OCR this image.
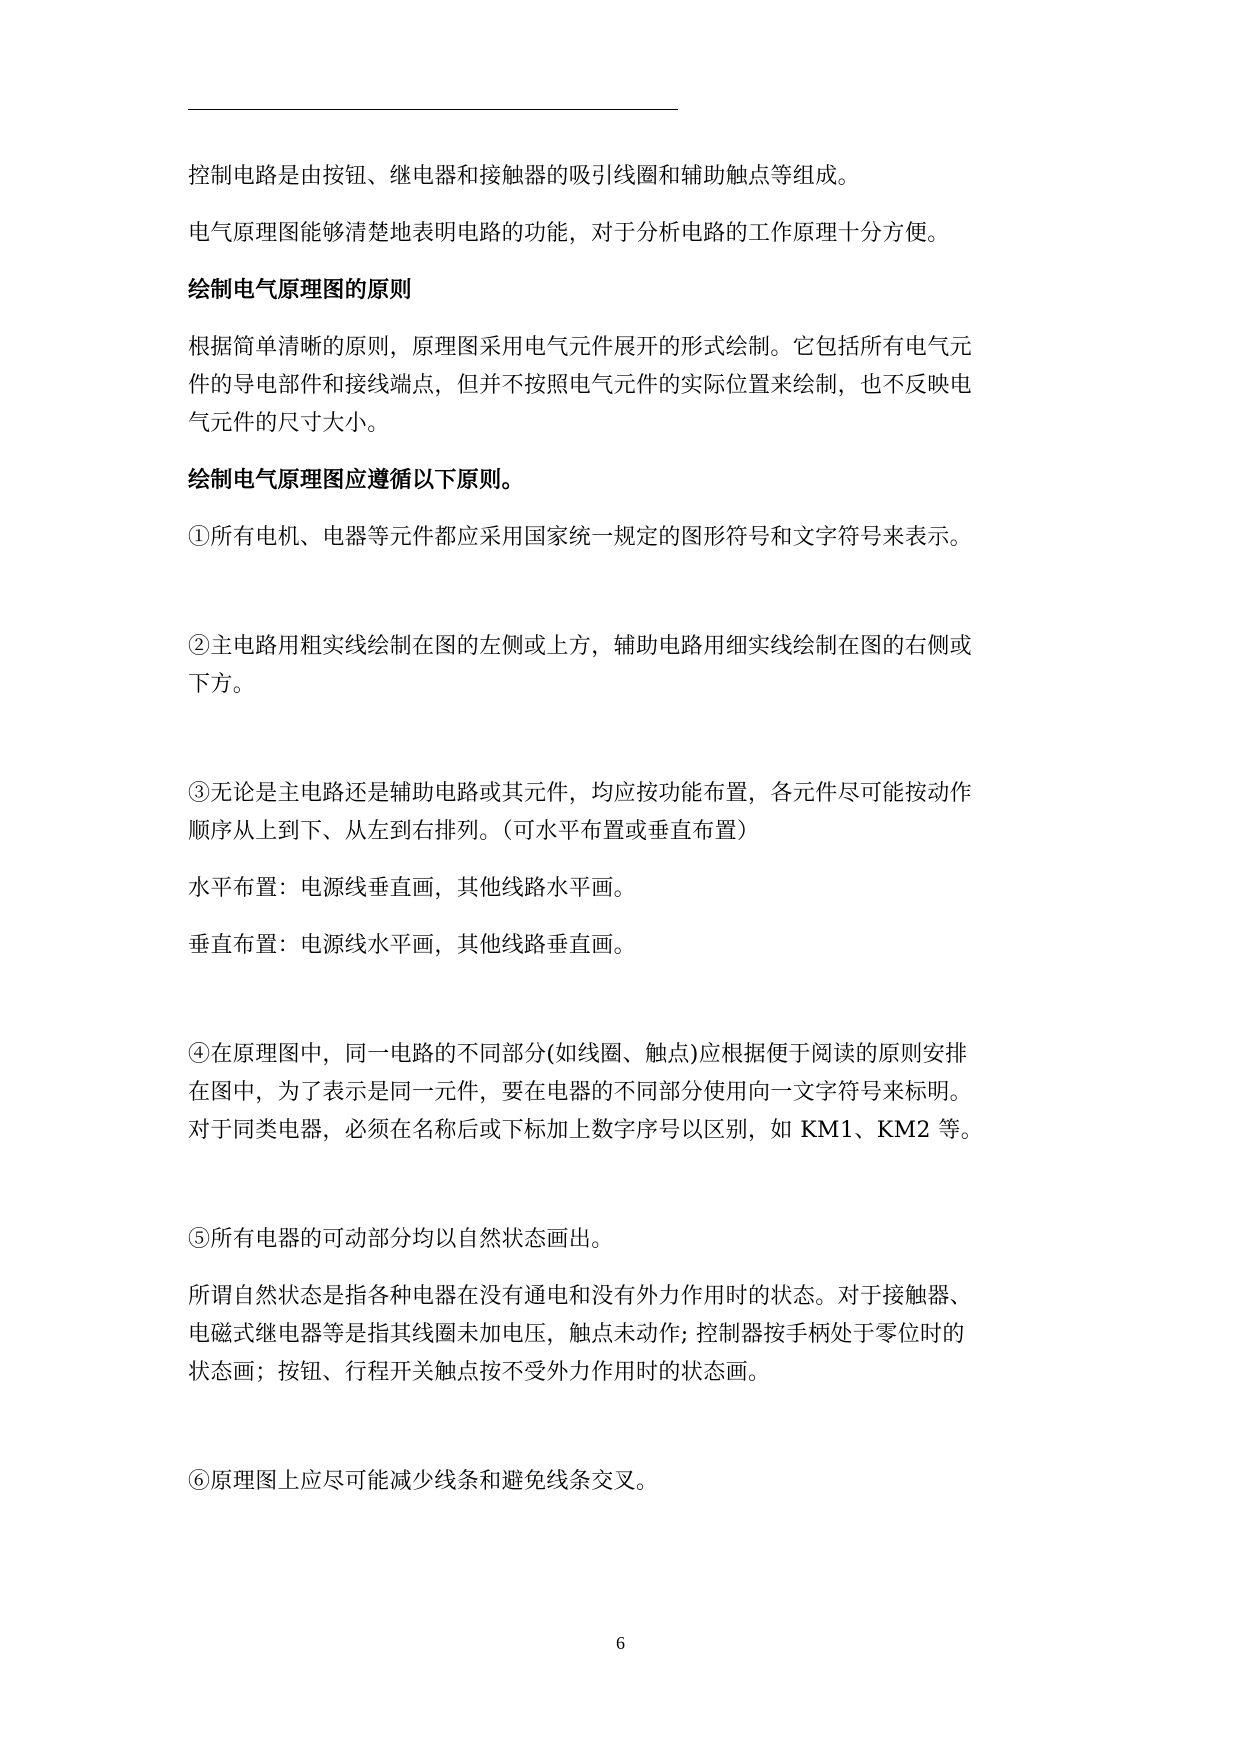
控制电路是由按钮、继电器和接触器的吸引线圈和辅助触点等组成。

电气原理图能够清楚地表明电路的功能，对于分析电路的工作原理十分方便。

绘制电气原理图的原则

根据简单清晰的原则，原理图采用电气元件展开的形式绘制。它包括所有电气元
件的导电部件和接线端点，但并不按照电气元件的实际位置来绘制，也不反映电
气元件的尺寸大小。

绘制电气原理图应遵循以下原则。

①所有电机、电器等元件都应采用国家统一规定的图形符号和文字符号来表示。

②主电路用粗实线绘制在图的左侧或上方，辅助电路用细实线绘制在图的右侧或
下方。

③无论是主电路还是辅助电路或其元件，均应按功能布置，各元件尽可能按动作
顺序从上到下、从左到右排列。（可水平布置或垂直布置）

水平布置：电源线垂直画，其他线路水平画。

垂直布置：电源线水平画，其他线路垂直画。

④在原理图中，同一电路的不同部分(如线圈、触点)应根据便于阅读的原则安排
在图中，为了表示是同一元件，要在电器的不同部分使用向一文字符号来标明。
对于同类电器，必须在名称后或下标加上数字序号以区别，如 KM1、KM2 等。

⑤所有电器的可动部分均以自然状态画出。

所谓自然状态是指各种电器在没有通电和没有外力作用时的状态。对于接触器、
电磁式继电器等是指其线圈未加电压，触点未动作; 控制器按手柄处于零位时的
状态画；按钮、行程开关触点按不受外力作用时的状态画。

⑥原理图上应尽可能减少线条和避免线条交叉。

6
